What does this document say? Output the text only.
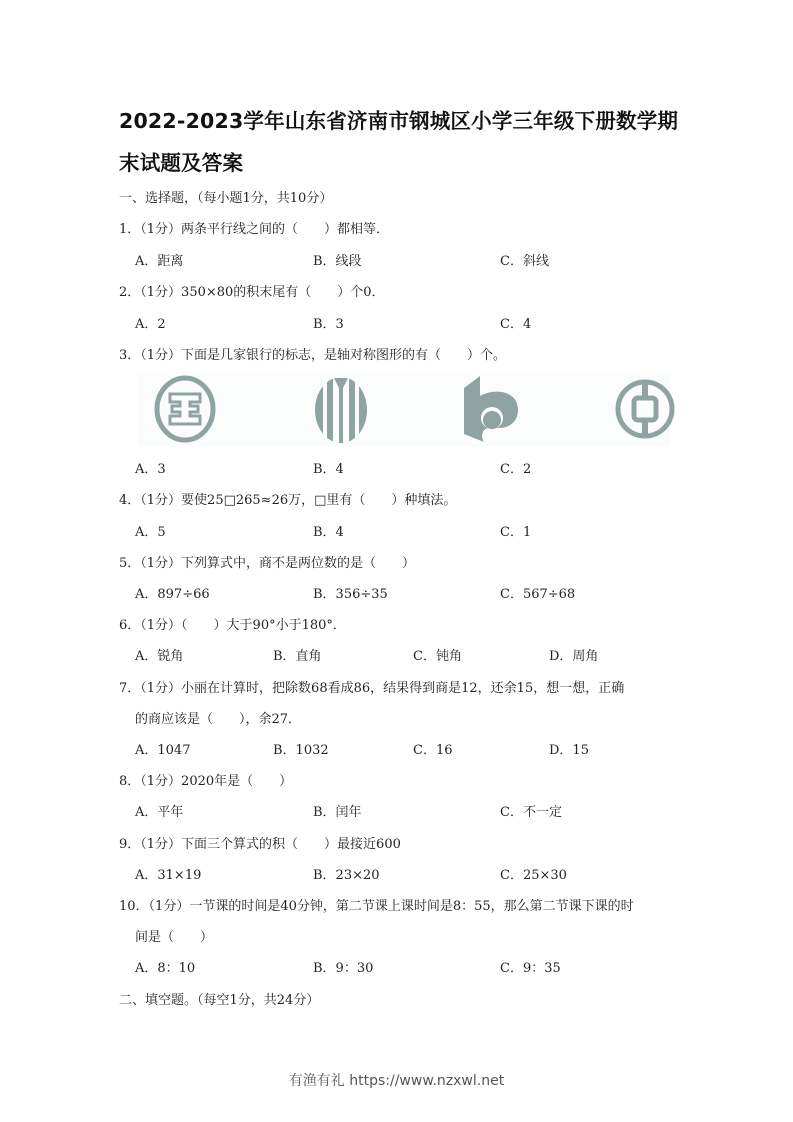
2022-2023学年山东省济南市钢城区小学三年级下册数学期
末试题及答案
一、选择题，（每小题1分，共10分）
1．（1分）两条平行线之间的（　　）都相等．
A．距离	B．线段	C．斜线
2．（1分）350×80的积末尾有（　　）个0．
A．2	B．3	C．4
3．（1分）下面是几家银行的标志，是轴对称图形的有（　　）个。
A．3	B．4	C．2
4．（1分）要使25□265≈26万，□里有（　　）种填法。
A．5	B．4	C．1
5．（1分）下列算式中，商不是两位数的是（　　）
A．897÷66	B．356÷35	C．567÷68
6．（1分）（　　）大于90°小于180°．
A．锐角	B．直角	C．钝角	D．周角
7．（1分）小丽在计算时，把除数68看成86，结果得到商是12，还余15，想一想，正确
的商应该是（　　），余27．
A．1047	B．1032	C．16	D．15
8．（1分）2020年是（　　）
A．平年	B．闰年	C．不一定
9．（1分）下面三个算式的积（　　）最接近600
A．31×19	B．23×20	C．25×30
10．（1分）一节课的时间是40分钟，第二节课上课时间是8：55，那么第二节课下课的时
间是（　　）
A．8：10	B．9：30	C．9：35
二、填空题。（每空1分，共24分）
有渔有礼 https://www.nzxwl.net
